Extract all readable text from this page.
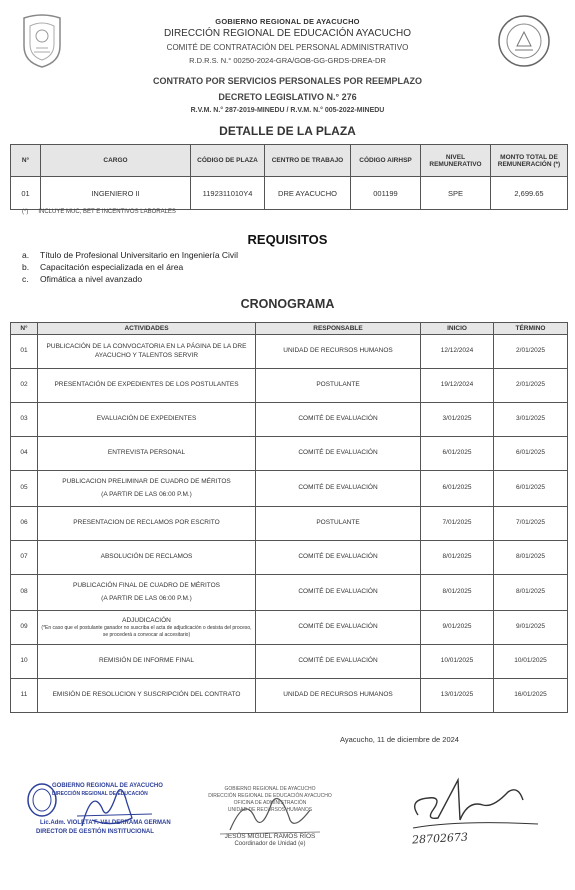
GOBIERNO REGIONAL DE AYACUCHO
DIRECCIÓN REGIONAL DE EDUCACIÓN AYACUCHO
COMITÉ DE CONTRATACIÓN DEL PERSONAL ADMINISTRATIVO
R.D.R.S. N.° 00250-2024-GRA/GOB-GG-GRDS-DREA-DR
CONTRATO POR SERVICIOS PERSONALES POR REEMPLAZO
DECRETO LEGISLATIVO N.° 276
R.V.M. N.° 287-2019-MINEDU / R.V.M. N.° 005-2022-MINEDU
DETALLE DE LA PLAZA
N°	CARGO	CÓDIGO DE PLAZA	CENTRO DE TRABAJO	CÓDIGO AIRHSP	NIVEL REMUNERATIVO	MONTO TOTAL DE REMUNERACIÓN (*)
01	INGENIERO II	1192311010Y4	DRE AYACUCHO	001199	SPE	2,699.65
(*) INCLUYE MUC, BET E INCENTIVOS LABORALES
REQUISITOS
a. Título de Profesional Universitario en Ingeniería Civil
b. Capacitación especializada en el área
c. Ofimática a nivel avanzado
CRONOGRAMA
N°	ACTIVIDADES	RESPONSABLE	INICIO	TÉRMINO
01	PUBLICACIÓN DE LA CONVOCATORIA EN LA PÁGINA DE LA DRE AYACUCHO Y TALENTOS SERVIR	UNIDAD DE RECURSOS HUMANOS	12/12/2024	2/01/2025
02	PRESENTACIÓN DE EXPEDIENTES DE LOS POSTULANTES	POSTULANTE	19/12/2024	2/01/2025
03	EVALUACIÓN DE EXPEDIENTES	COMITÉ DE EVALUACIÓN	3/01/2025	3/01/2025
04	ENTREVISTA PERSONAL	COMITÉ DE EVALUACIÓN	6/01/2025	6/01/2025
05	PUBLICACION PRELIMINAR DE CUADRO DE MÉRITOS
(A PARTIR DE LAS 06:00 P.M.)	COMITÉ DE EVALUACIÓN	6/01/2025	6/01/2025
06	PRESENTACION DE RECLAMOS POR ESCRITO	POSTULANTE	7/01/2025	7/01/2025
07	ABSOLUCIÓN DE RECLAMOS	COMITÉ DE EVALUACIÓN	8/01/2025	8/01/2025
08	PUBLICACIÓN FINAL DE CUADRO DE MÉRITOS
(A PARTIR DE LAS 06:00 P.M.)	COMITÉ DE EVALUACIÓN	8/01/2025	8/01/2025
09	ADJUDICACIÓN
(*En caso que el postulante ganador no suscriba el acta de adjudicación o desista del proceso, se procederá a convocar al accesitario)	COMITÉ DE EVALUACIÓN	9/01/2025	9/01/2025
10	REMISIÓN DE INFORME FINAL	COMITÉ DE EVALUACIÓN	10/01/2025	10/01/2025
11	EMISIÓN DE RESOLUCION Y SUSCRIPCIÓN DEL CONTRATO	UNIDAD DE RECURSOS HUMANOS	13/01/2025	16/01/2025
Ayacucho, 11 de diciembre de 2024
GOBIERNO REGIONAL DE AYACUCHO
DIRECCIÓN REGIONAL DE EDUCACIÓN
Lic.Adm. VIOLETA F. VALDERRAMA GERMAN
DIRECTOR DE GESTIÓN INSTITUCIONAL
GOBIERNO REGIONAL DE AYACUCHO
DIRECCIÓN REGIONAL DE EDUCACIÓN AYACUCHO
OFICINA DE ADMINISTRACIÓN
UNIDAD DE RECURSOS HUMANOS
JESÚS MIGUEL RAMOS RÍOS
Coordinador de Unidad (e)	28702673
